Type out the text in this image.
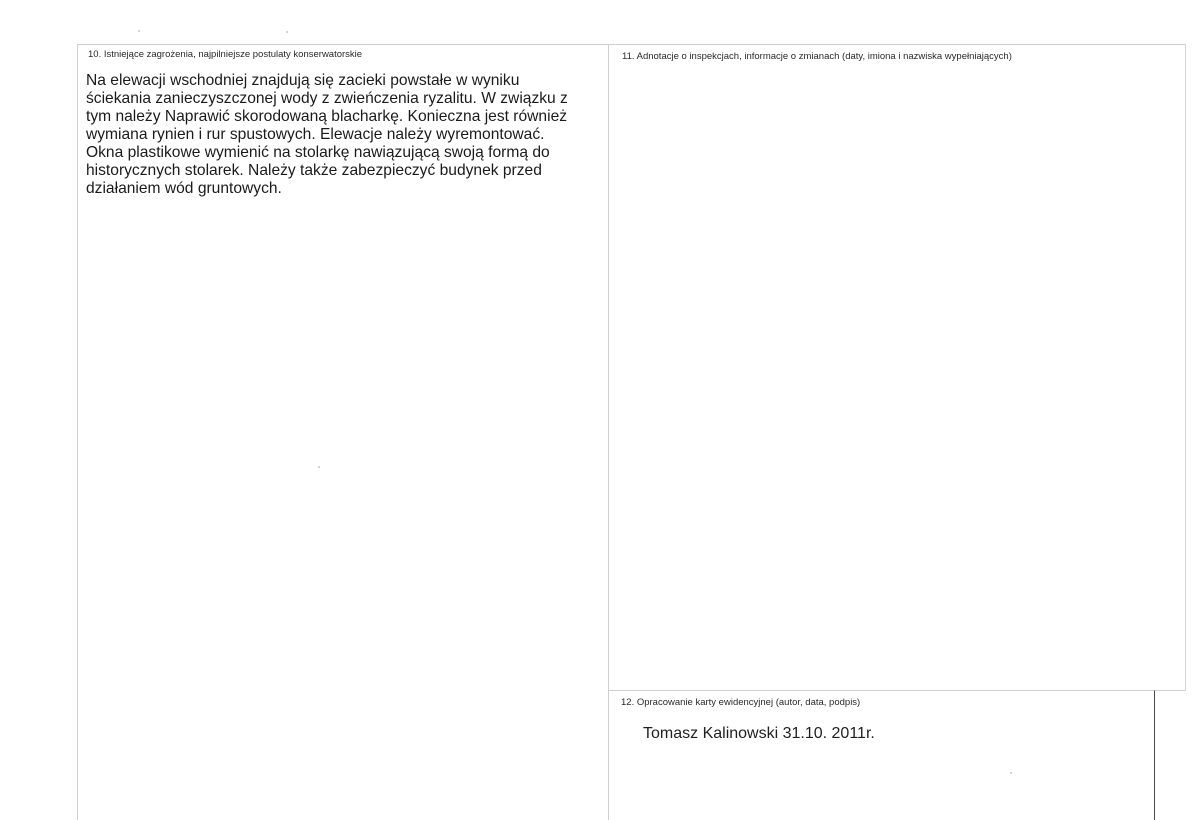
10. Istniejące zagrożenia, najpilniejsze postulaty konserwatorskie
Na elewacji wschodniej znajdują się zacieki powstałe w wyniku
ściekania zanieczyszczonej wody z zwieńczenia ryzalitu. W związku z
tym należy Naprawić skorodowaną blacharkę. Konieczna jest również
wymiana rynien i rur spustowych. Elewacje należy wyremontować.
Okna plastikowe wymienić na stolarkę nawiązującą swoją formą do
historycznych stolarek. Należy także zabezpieczyć budynek przed
działaniem wód gruntowych.
11. Adnotacje o inspekcjach, informacje o zmianach (daty, imiona i nazwiska wypełniających)
12. Opracowanie karty ewidencyjnej (autor, data, podpis)
Tomasz Kalinowski 31.10. 2011r.
